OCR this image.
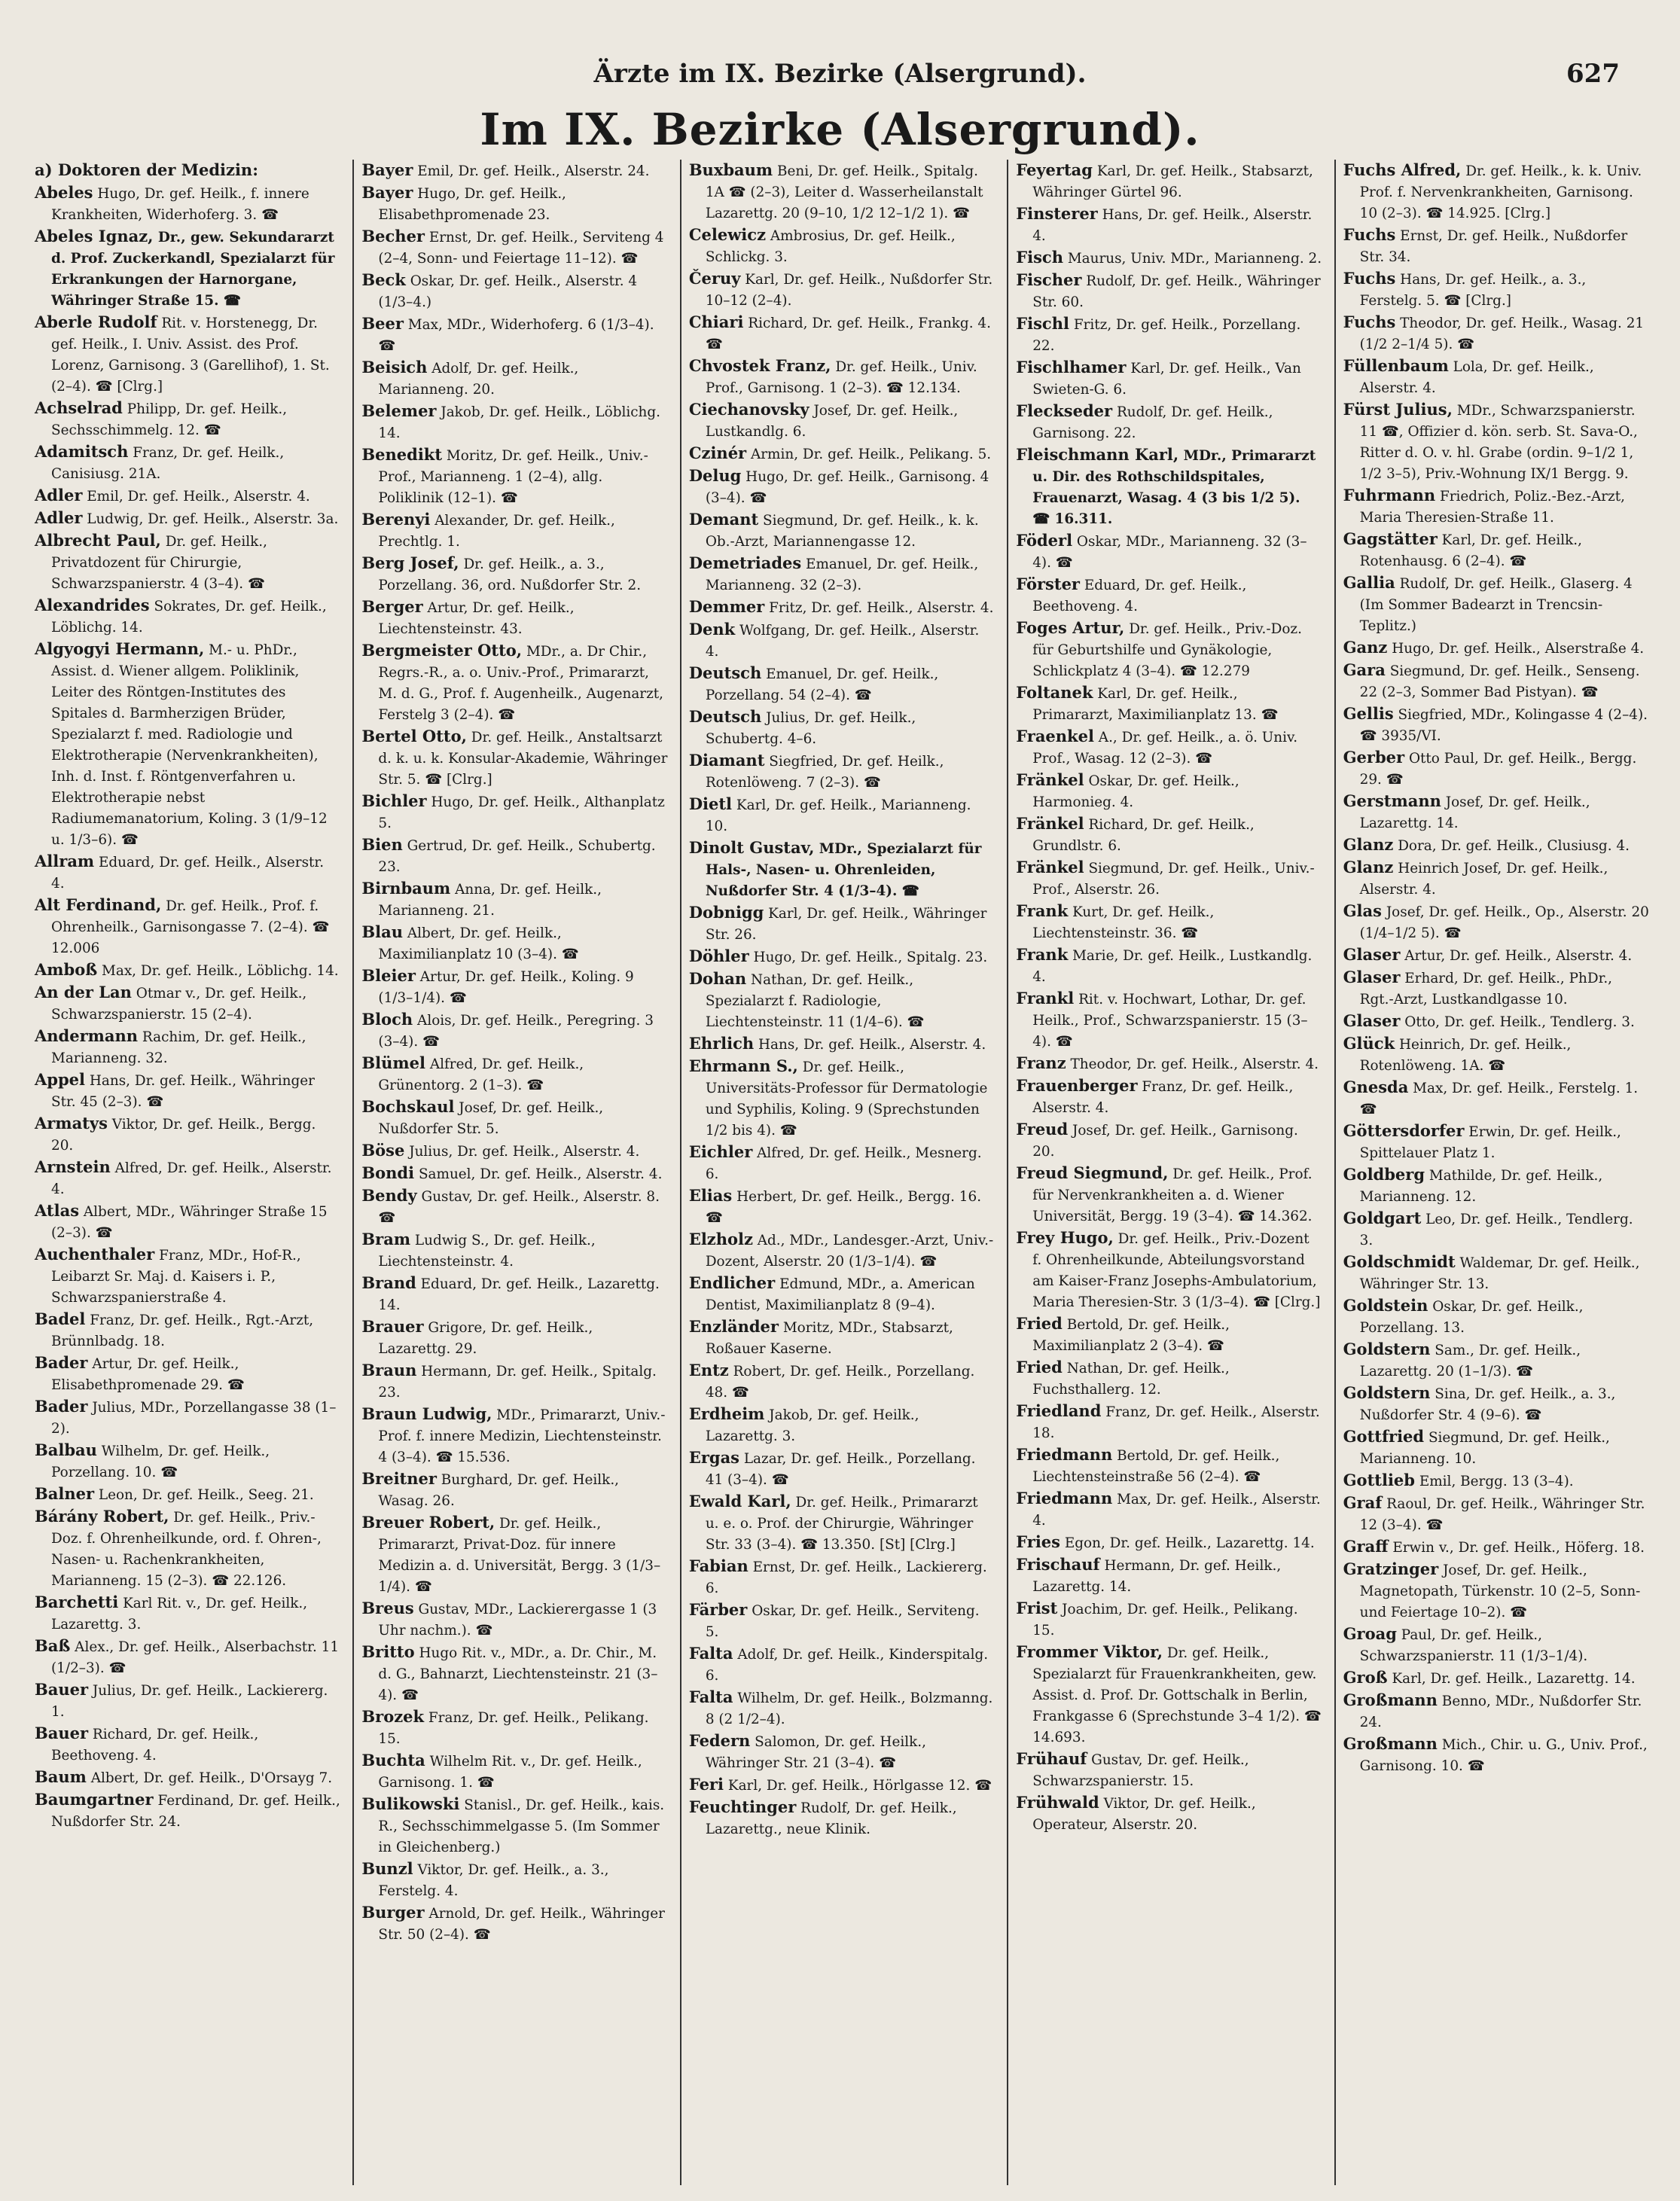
Ärzte im IX. Bezirke (Alsergrund).	627
Im IX. Bezirke (Alsergrund).
a) Doktoren der Medizin:

Abeles Hugo, Dr. gef. Heilk., f. innere Krankheiten, Widerhoferg. 3. ☎

Abeles Ignaz, Dr., gew. Sekundararzt d. Prof. Zuckerkandl, Spezialarzt für Erkrankungen der Harnorgane, Währinger Straße 15. ☎

Aberle Rudolf Rit. v. Horstenegg, Dr. gef. Heilk., I. Univ. Assist. des Prof. Lorenz, Garnisong. 3 (Garellihof), 1. St. (2–4). ☎ [Clrg.]

Achselrad Philipp, Dr. gef. Heilk., Sechsschimmelg. 12. ☎

Adamitsch Franz, Dr. gef. Heilk., Canisiusg. 21A.

Adler Emil, Dr. gef. Heilk., Alserstr. 4.

Adler Ludwig, Dr. gef. Heilk., Alserstr. 3a.

Albrecht Paul, Dr. gef. Heilk., Privatdozent für Chirurgie, Schwarzspanierstr. 4 (3–4). ☎

Alexandrides Sokrates, Dr. gef. Heilk., Löblichg. 14.

Algyogyi Hermann, M.- u. PhDr., Assist. d. Wiener allgem. Poliklinik, Leiter des Röntgen-Institutes des Spitales d. Barmherzigen Brüder, Spezialarzt f. med. Radiologie und Elektrotherapie (Nervenkrankheiten), Inh. d. Inst. f. Röntgenverfahren u. Elektrotherapie nebst Radiumemanatorium, Koling. 3 (1/9–12 u. 1/3–6). ☎

Allram Eduard, Dr. gef. Heilk., Alserstr. 4.

Alt Ferdinand, Dr. gef. Heilk., Prof. f. Ohrenheilk., Garnisongasse 7. (2–4). ☎ 12.006

Amboß Max, Dr. gef. Heilk., Löblichg. 14.

An der Lan Otmar v., Dr. gef. Heilk., Schwarzspanierstr. 15 (2–4).

Andermann Rachim, Dr. gef. Heilk., Marianneng. 32.

Appel Hans, Dr. gef. Heilk., Währinger Str. 45 (2–3). ☎

Armatys Viktor, Dr. gef. Heilk., Bergg. 20.

Arnstein Alfred, Dr. gef. Heilk., Alserstr. 4.

Atlas Albert, MDr., Währinger Straße 15 (2–3). ☎

Auchenthaler Franz, MDr., Hof-R., Leibarzt Sr. Maj. d. Kaisers i. P., Schwarzspanierstraße 4.

Badel Franz, Dr. gef. Heilk., Rgt.-Arzt, Brünnlbadg. 18.

Bader Artur, Dr. gef. Heilk., Elisabethpromenade 29. ☎

Bader Julius, MDr., Porzellangasse 38 (1–2).

Balbau Wilhelm, Dr. gef. Heilk., Porzellang. 10. ☎

Balner Leon, Dr. gef. Heilk., Seeg. 21.

Bárány Robert, Dr. gef. Heilk., Priv.-Doz. f. Ohrenheilkunde, ord. f. Ohren-, Nasen- u. Rachenkrankheiten, Marianneng. 15 (2–3). ☎ 22.126.

Barchetti Karl Rit. v., Dr. gef. Heilk., Lazarettg. 3.

Baß Alex., Dr. gef. Heilk., Alserbachstr. 11 (1/2–3). ☎

Bauer Julius, Dr. gef. Heilk., Lackiererg. 1.

Bauer Richard, Dr. gef. Heilk., Beethoveng. 4.

Baum Albert, Dr. gef. Heilk., D'Orsayg 7.

Baumgartner Ferdinand, Dr. gef. Heilk., Nußdorfer Str. 24.

Bayer Emil, Dr. gef. Heilk., Alserstr. 24.

Bayer Hugo, Dr. gef. Heilk., Elisabethpromenade 23.

Becher Ernst, Dr. gef. Heilk., Serviteng 4 (2–4, Sonn- und Feiertage 11–12). ☎

Beck Oskar, Dr. gef. Heilk., Alserstr. 4 (1/3–4.)

Beer Max, MDr., Widerhoferg. 6 (1/3–4). ☎

Beisich Adolf, Dr. gef. Heilk., Marianneng. 20.

Belemer Jakob, Dr. gef. Heilk., Löblichg. 14.

Benedikt Moritz, Dr. gef. Heilk., Univ.-Prof., Marianneng. 1 (2–4), allg. Poliklinik (12–1). ☎

Berenyi Alexander, Dr. gef. Heilk., Prechtlg. 1.

Berg Josef, Dr. gef. Heilk., a. 3., Porzellang. 36, ord. Nußdorfer Str. 2.

Berger Artur, Dr. gef. Heilk., Liechtensteinstr. 43.

Bergmeister Otto, MDr., a. Dr Chir., Regrs.-R., a. o. Univ.-Prof., Primararzt, M. d. G., Prof. f. Augenheilk., Augenarzt, Ferstelg 3 (2–4). ☎

Bertel Otto, Dr. gef. Heilk., Anstaltsarzt d. k. u. k. Konsular-Akademie, Währinger Str. 5. ☎ [Clrg.]

Bichler Hugo, Dr. gef. Heilk., Althanplatz 5.

Bien Gertrud, Dr. gef. Heilk., Schubertg. 23.

Birnbaum Anna, Dr. gef. Heilk., Marianneng. 21.

Blau Albert, Dr. gef. Heilk., Maximilianplatz 10 (3–4). ☎

Bleier Artur, Dr. gef. Heilk., Koling. 9 (1/3–1/4). ☎

Bloch Alois, Dr. gef. Heilk., Peregring. 3 (3–4). ☎

Blümel Alfred, Dr. gef. Heilk., Grünentorg. 2 (1–3). ☎

Bochskaul Josef, Dr. gef. Heilk., Nußdorfer Str. 5.

Böse Julius, Dr. gef. Heilk., Alserstr. 4.

Bondi Samuel, Dr. gef. Heilk., Alserstr. 4.

Bendy Gustav, Dr. gef. Heilk., Alserstr. 8. ☎

Bram Ludwig S., Dr. gef. Heilk., Liechtensteinstr. 4.

Brand Eduard, Dr. gef. Heilk., Lazarettg. 14.

Brauer Grigore, Dr. gef. Heilk., Lazarettg. 29.

Braun Hermann, Dr. gef. Heilk., Spitalg. 23.

Braun Ludwig, MDr., Primararzt, Univ.-Prof. f. innere Medizin, Liechtensteinstr. 4 (3–4). ☎ 15.536.

Breitner Burghard, Dr. gef. Heilk., Wasag. 26.

Breuer Robert, Dr. gef. Heilk., Primararzt, Privat-Doz. für innere Medizin a. d. Universität, Bergg. 3 (1/3–1/4). ☎

Breus Gustav, MDr., Lackierergasse 1 (3 Uhr nachm.). ☎

Britto Hugo Rit. v., MDr., a. Dr. Chir., M. d. G., Bahnarzt, Liechtensteinstr. 21 (3–4). ☎

Brozek Franz, Dr. gef. Heilk., Pelikang. 15.

Buchta Wilhelm Rit. v., Dr. gef. Heilk., Garnisong. 1. ☎

Bulikowski Stanisl., Dr. gef. Heilk., kais. R., Sechsschimmelgasse 5. (Im Sommer in Gleichenberg.)

Bunzl Viktor, Dr. gef. Heilk., a. 3., Ferstelg. 4.

Burger Arnold, Dr. gef. Heilk., Währinger Str. 50 (2–4). ☎

Buxbaum Beni, Dr. gef. Heilk., Spitalg. 1A ☎ (2–3), Leiter d. Wasserheilanstalt Lazarettg. 20 (9–10, 1/2 12–1/2 1). ☎

Celewicz Ambrosius, Dr. gef. Heilk., Schlickg. 3.

Čeruy Karl, Dr. gef. Heilk., Nußdorfer Str. 10–12 (2–4).

Chiari Richard, Dr. gef. Heilk., Frankg. 4. ☎

Chvostek Franz, Dr. gef. Heilk., Univ. Prof., Garnisong. 1 (2–3). ☎ 12.134.

Ciechanovsky Josef, Dr. gef. Heilk., Lustkandlg. 6.

Czinér Armin, Dr. gef. Heilk., Pelikang. 5.

Delug Hugo, Dr. gef. Heilk., Garnisong. 4 (3–4). ☎

Demant Siegmund, Dr. gef. Heilk., k. k. Ob.-Arzt, Mariannengasse 12.

Demetriades Emanuel, Dr. gef. Heilk., Marianneng. 32 (2–3).

Demmer Fritz, Dr. gef. Heilk., Alserstr. 4.

Denk Wolfgang, Dr. gef. Heilk., Alserstr. 4.

Deutsch Emanuel, Dr. gef. Heilk., Porzellang. 54 (2–4). ☎

Deutsch Julius, Dr. gef. Heilk., Schubertg. 4–6.

Diamant Siegfried, Dr. gef. Heilk., Rotenlöweng. 7 (2–3). ☎

Dietl Karl, Dr. gef. Heilk., Marianneng. 10.

Dinolt Gustav, MDr., Spezialarzt für Hals-, Nasen- u. Ohrenleiden, Nußdorfer Str. 4 (1/3–4). ☎

Dobnigg Karl, Dr. gef. Heilk., Währinger Str. 26.

Döhler Hugo, Dr. gef. Heilk., Spitalg. 23.

Dohan Nathan, Dr. gef. Heilk., Spezialarzt f. Radiologie, Liechtensteinstr. 11 (1/4–6). ☎

Ehrlich Hans, Dr. gef. Heilk., Alserstr. 4.

Ehrmann S., Dr. gef. Heilk., Universitäts-Professor für Dermatologie und Syphilis, Koling. 9 (Sprechstunden 1/2 bis 4). ☎

Eichler Alfred, Dr. gef. Heilk., Mesnerg. 6.

Elias Herbert, Dr. gef. Heilk., Bergg. 16. ☎

Elzholz Ad., MDr., Landesger.-Arzt, Univ.-Dozent, Alserstr. 20 (1/3–1/4). ☎

Endlicher Edmund, MDr., a. American Dentist, Maximilianplatz 8 (9–4).

Enzländer Moritz, MDr., Stabsarzt, Roßauer Kaserne.

Entz Robert, Dr. gef. Heilk., Porzellang. 48. ☎

Erdheim Jakob, Dr. gef. Heilk., Lazarettg. 3.

Ergas Lazar, Dr. gef. Heilk., Porzellang. 41 (3–4). ☎

Ewald Karl, Dr. gef. Heilk., Primararzt u. e. o. Prof. der Chirurgie, Währinger Str. 33 (3–4). ☎ 13.350. [St] [Clrg.]

Fabian Ernst, Dr. gef. Heilk., Lackiererg. 6.

Färber Oskar, Dr. gef. Heilk., Serviteng. 5.

Falta Adolf, Dr. gef. Heilk., Kinderspitalg. 6.

Falta Wilhelm, Dr. gef. Heilk., Bolzmanng. 8 (2 1/2–4).

Federn Salomon, Dr. gef. Heilk., Währinger Str. 21 (3–4). ☎

Feri Karl, Dr. gef. Heilk., Hörlgasse 12. ☎

Feuchtinger Rudolf, Dr. gef. Heilk., Lazarettg., neue Klinik.

Feyertag Karl, Dr. gef. Heilk., Stabsarzt, Währinger Gürtel 96.

Finsterer Hans, Dr. gef. Heilk., Alserstr. 4.

Fisch Maurus, Univ. MDr., Marianneng. 2.

Fischer Rudolf, Dr. gef. Heilk., Währinger Str. 60.

Fischl Fritz, Dr. gef. Heilk., Porzellang. 22.

Fischlhamer Karl, Dr. gef. Heilk., Van Swieten-G. 6.

Fleckseder Rudolf, Dr. gef. Heilk., Garnisong. 22.

Fleischmann Karl, MDr., Primararzt u. Dir. des Rothschildspitales, Frauenarzt, Wasag. 4 (3 bis 1/2 5). ☎ 16.311.

Föderl Oskar, MDr., Marianneng. 32 (3–4). ☎

Förster Eduard, Dr. gef. Heilk., Beethoveng. 4.

Foges Artur, Dr. gef. Heilk., Priv.-Doz. für Geburtshilfe und Gynäkologie, Schlickplatz 4 (3–4). ☎ 12.279

Foltanek Karl, Dr. gef. Heilk., Primararzt, Maximilianplatz 13. ☎

Fraenkel A., Dr. gef. Heilk., a. ö. Univ. Prof., Wasag. 12 (2–3). ☎

Fränkel Oskar, Dr. gef. Heilk., Harmonieg. 4.

Fränkel Richard, Dr. gef. Heilk., Grundlstr. 6.

Fränkel Siegmund, Dr. gef. Heilk., Univ.-Prof., Alserstr. 26.

Frank Kurt, Dr. gef. Heilk., Liechtensteinstr. 36. ☎

Frank Marie, Dr. gef. Heilk., Lustkandlg. 4.

Frankl Rit. v. Hochwart, Lothar, Dr. gef. Heilk., Prof., Schwarzspanierstr. 15 (3–4). ☎

Franz Theodor, Dr. gef. Heilk., Alserstr. 4.

Frauenberger Franz, Dr. gef. Heilk., Alserstr. 4.

Freud Josef, Dr. gef. Heilk., Garnisong. 20.

Freud Siegmund, Dr. gef. Heilk., Prof. für Nervenkrankheiten a. d. Wiener Universität, Bergg. 19 (3–4). ☎ 14.362.

Frey Hugo, Dr. gef. Heilk., Priv.-Dozent f. Ohrenheilkunde, Abteilungsvorstand am Kaiser-Franz Josephs-Ambulatorium, Maria Theresien-Str. 3 (1/3–4). ☎ [Clrg.]

Fried Bertold, Dr. gef. Heilk., Maximilianplatz 2 (3–4). ☎

Fried Nathan, Dr. gef. Heilk., Fuchsthallerg. 12.

Friedland Franz, Dr. gef. Heilk., Alserstr. 18.

Friedmann Bertold, Dr. gef. Heilk., Liechtensteinstraße 56 (2–4). ☎

Friedmann Max, Dr. gef. Heilk., Alserstr. 4.

Fries Egon, Dr. gef. Heilk., Lazarettg. 14.

Frischauf Hermann, Dr. gef. Heilk., Lazarettg. 14.

Frist Joachim, Dr. gef. Heilk., Pelikang. 15.

Frommer Viktor, Dr. gef. Heilk., Spezialarzt für Frauenkrankheiten, gew. Assist. d. Prof. Dr. Gottschalk in Berlin, Frankgasse 6 (Sprechstunde 3–4 1/2). ☎ 14.693.

Frühauf Gustav, Dr. gef. Heilk., Schwarzspanierstr. 15.

Frühwald Viktor, Dr. gef. Heilk., Operateur, Alserstr. 20.

Fuchs Alfred, Dr. gef. Heilk., k. k. Univ. Prof. f. Nervenkrankheiten, Garnisong. 10 (2–3). ☎ 14.925. [Clrg.]

Fuchs Ernst, Dr. gef. Heilk., Nußdorfer Str. 34.

Fuchs Hans, Dr. gef. Heilk., a. 3., Ferstelg. 5. ☎ [Clrg.]

Fuchs Theodor, Dr. gef. Heilk., Wasag. 21 (1/2 2–1/4 5). ☎

Füllenbaum Lola, Dr. gef. Heilk., Alserstr. 4.

Fürst Julius, MDr., Schwarzspanierstr. 11 ☎, Offizier d. kön. serb. St. Sava-O., Ritter d. O. v. hl. Grabe (ordin. 9–1/2 1, 1/2 3–5), Priv.-Wohnung IX/1 Bergg. 9.

Fuhrmann Friedrich, Poliz.-Bez.-Arzt, Maria Theresien-Straße 11.

Gagstätter Karl, Dr. gef. Heilk., Rotenhausg. 6 (2–4). ☎

Gallia Rudolf, Dr. gef. Heilk., Glaserg. 4 (Im Sommer Badearzt in Trencsin-Teplitz.)

Ganz Hugo, Dr. gef. Heilk., Alserstraße 4.

Gara Siegmund, Dr. gef. Heilk., Senseng. 22 (2–3, Sommer Bad Pistyan). ☎

Gellis Siegfried, MDr., Kolingasse 4 (2–4). ☎ 3935/VI.

Gerber Otto Paul, Dr. gef. Heilk., Bergg. 29. ☎

Gerstmann Josef, Dr. gef. Heilk., Lazarettg. 14.

Glanz Dora, Dr. gef. Heilk., Clusiusg. 4.

Glanz Heinrich Josef, Dr. gef. Heilk., Alserstr. 4.

Glas Josef, Dr. gef. Heilk., Op., Alserstr. 20 (1/4–1/2 5). ☎

Glaser Artur, Dr. gef. Heilk., Alserstr. 4.

Glaser Erhard, Dr. gef. Heilk., PhDr., Rgt.-Arzt, Lustkandlgasse 10.

Glaser Otto, Dr. gef. Heilk., Tendlerg. 3.

Glück Heinrich, Dr. gef. Heilk., Rotenlöweng. 1A. ☎

Gnesda Max, Dr. gef. Heilk., Ferstelg. 1. ☎

Göttersdorfer Erwin, Dr. gef. Heilk., Spittelauer Platz 1.

Goldberg Mathilde, Dr. gef. Heilk., Marianneng. 12.

Goldgart Leo, Dr. gef. Heilk., Tendlerg. 3.

Goldschmidt Waldemar, Dr. gef. Heilk., Währinger Str. 13.

Goldstein Oskar, Dr. gef. Heilk., Porzellang. 13.

Goldstern Sam., Dr. gef. Heilk., Lazarettg. 20 (1–1/3). ☎

Goldstern Sina, Dr. gef. Heilk., a. 3., Nußdorfer Str. 4 (9–6). ☎

Gottfried Siegmund, Dr. gef. Heilk., Marianneng. 10.

Gottlieb Emil, Bergg. 13 (3–4).

Graf Raoul, Dr. gef. Heilk., Währinger Str. 12 (3–4). ☎

Graff Erwin v., Dr. gef. Heilk., Höferg. 18.

Gratzinger Josef, Dr. gef. Heilk., Magnetopath, Türkenstr. 10 (2–5, Sonn- und Feiertage 10–2). ☎

Groag Paul, Dr. gef. Heilk., Schwarzspanierstr. 11 (1/3–1/4).

Groß Karl, Dr. gef. Heilk., Lazarettg. 14.

Großmann Benno, MDr., Nußdorfer Str. 24.

Großmann Mich., Chir. u. G., Univ. Prof., Garnisong. 10. ☎
